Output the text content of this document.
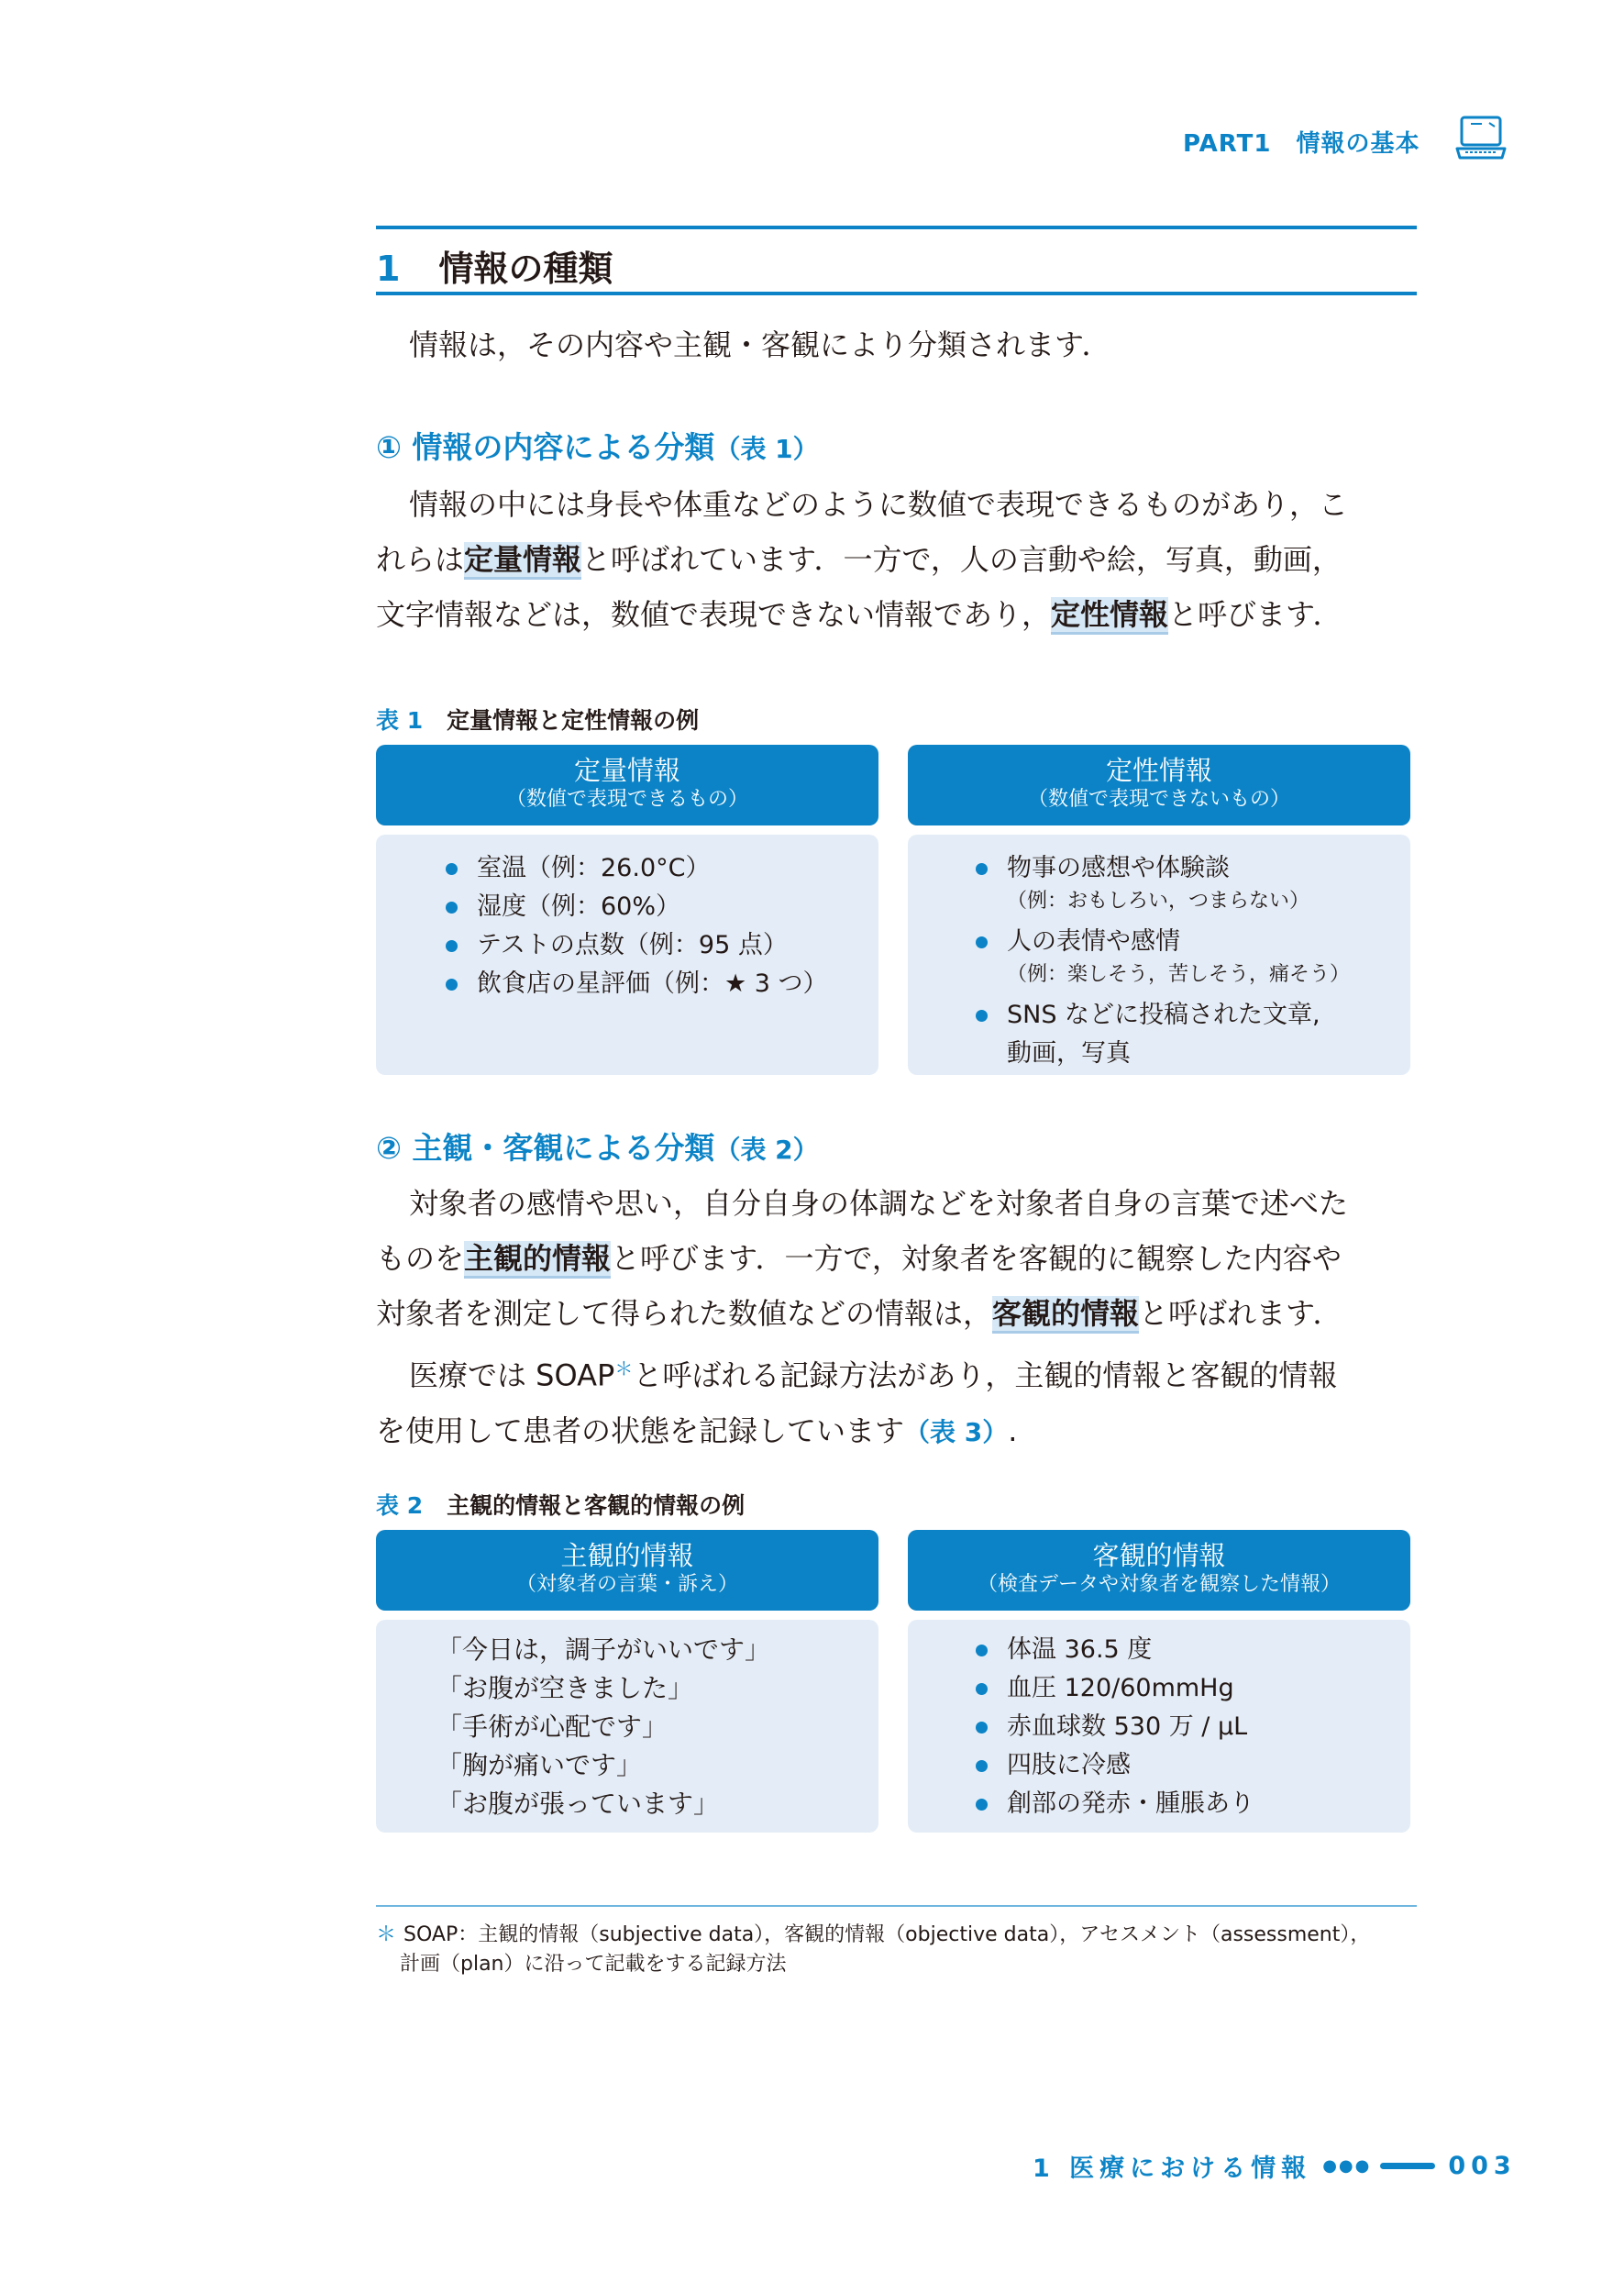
PART1　情報の基本
1 情報の種類
情報は，その内容や主観・客観により分類されます．
① 情報の内容による分類（表 1）
情報の中には身長や体重などのように数値で表現できるものがあり，こ
れらは定量情報と呼ばれています．一方で，人の言動や絵，写真，動画，
文字情報などは，数値で表現できない情報であり，定性情報と呼びます．
表 1 定量情報と定性情報の例
定量情報
（数値で表現できるもの）
定性情報
（数値で表現できないもの）
室温（例：26.0°C）
湿度（例：60%）
テストの点数（例：95 点）
飲食店の星評価（例：★ 3 つ）
物事の感想や体験談
（例：おもしろい，つまらない）
人の表情や感情
（例：楽しそう，苦しそう，痛そう）
SNS などに投稿された文章,
動画，写真
② 主観・客観による分類（表 2）
対象者の感情や思い，自分自身の体調などを対象者自身の言葉で述べた
ものを主観的情報と呼びます．一方で，対象者を客観的に観察した内容や
対象者を測定して得られた数値などの情報は，客観的情報と呼ばれます．
医療では SOAP＊と呼ばれる記録方法があり，主観的情報と客観的情報
を使用して患者の状態を記録しています（表 3）.
表 2 主観的情報と客観的情報の例
主観的情報
（対象者の言葉・訴え）
客観的情報
（検査データや対象者を観察した情報）
「今日は，調子がいいです」
「お腹が空きました」
「手術が心配です」
「胸が痛いです」
「お腹が張っています」
体温 36.5 度
血圧 120/60mmHg
赤血球数 530 万 / μL
四肢に冷感
創部の発赤・腫脹あり
＊ SOAP：主観的情報（subjective data），客観的情報（objective data），アセスメント（assessment），
計画（plan）に沿って記載をする記録方法
1 医療における情報 ●●●	003
